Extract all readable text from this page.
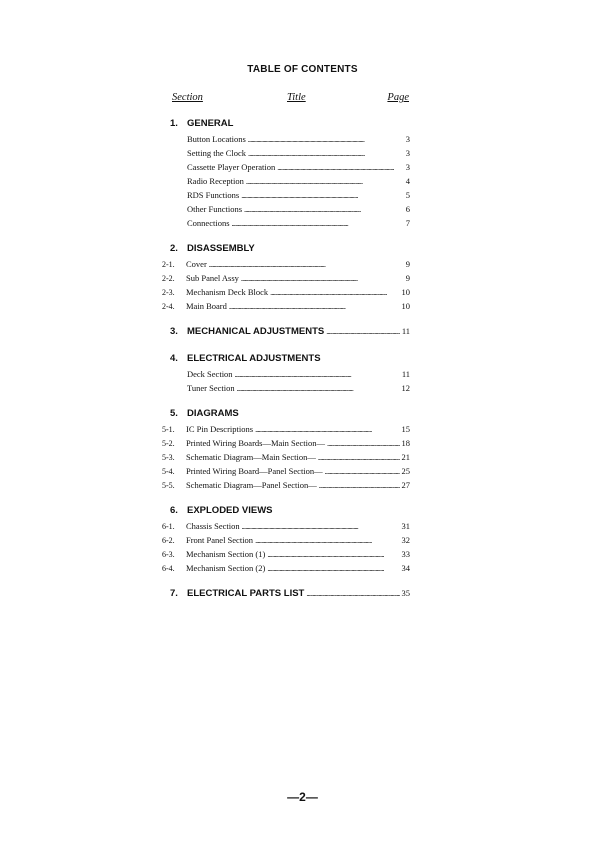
TABLE OF CONTENTS
Section	Title	Page
1. GENERAL
Button Locations . . .	3
Setting the Clock . . .	3
Cassette Player Operation . . .	3
Radio Reception . . .	4
RDS Functions . . .	5
Other Functions . . .	6
Connections . . .	7
2. DISASSEMBLY
2-1.	Cover . . .	9
2-2.	Sub Panel Assy . . .	9
2-3.	Mechanism Deck Block . . .	10
2-4.	Main Board . . .	10
3. MECHANICAL ADJUSTMENTS . . .	11
4. ELECTRICAL ADJUSTMENTS
Deck Section . . .	11
Tuner Section . . .	12
5. DIAGRAMS
5-1.	IC Pin Descriptions . . .	15
5-2.	Printed Wiring Boards—Main Section— . . .	18
5-3.	Schematic Diagram—Main Section— . . .	21
5-4.	Printed Wiring Board—Panel Section— . . .	25
5-5.	Schematic Diagram—Panel Section— . . .	27
6. EXPLODED VIEWS
6-1.	Chassis Section . . .	31
6-2.	Front Panel Section . . .	32
6-3.	Mechanism Section (1) . . .	33
6-4.	Mechanism Section (2) . . .	34
7. ELECTRICAL PARTS LIST . . .	35
—2—
